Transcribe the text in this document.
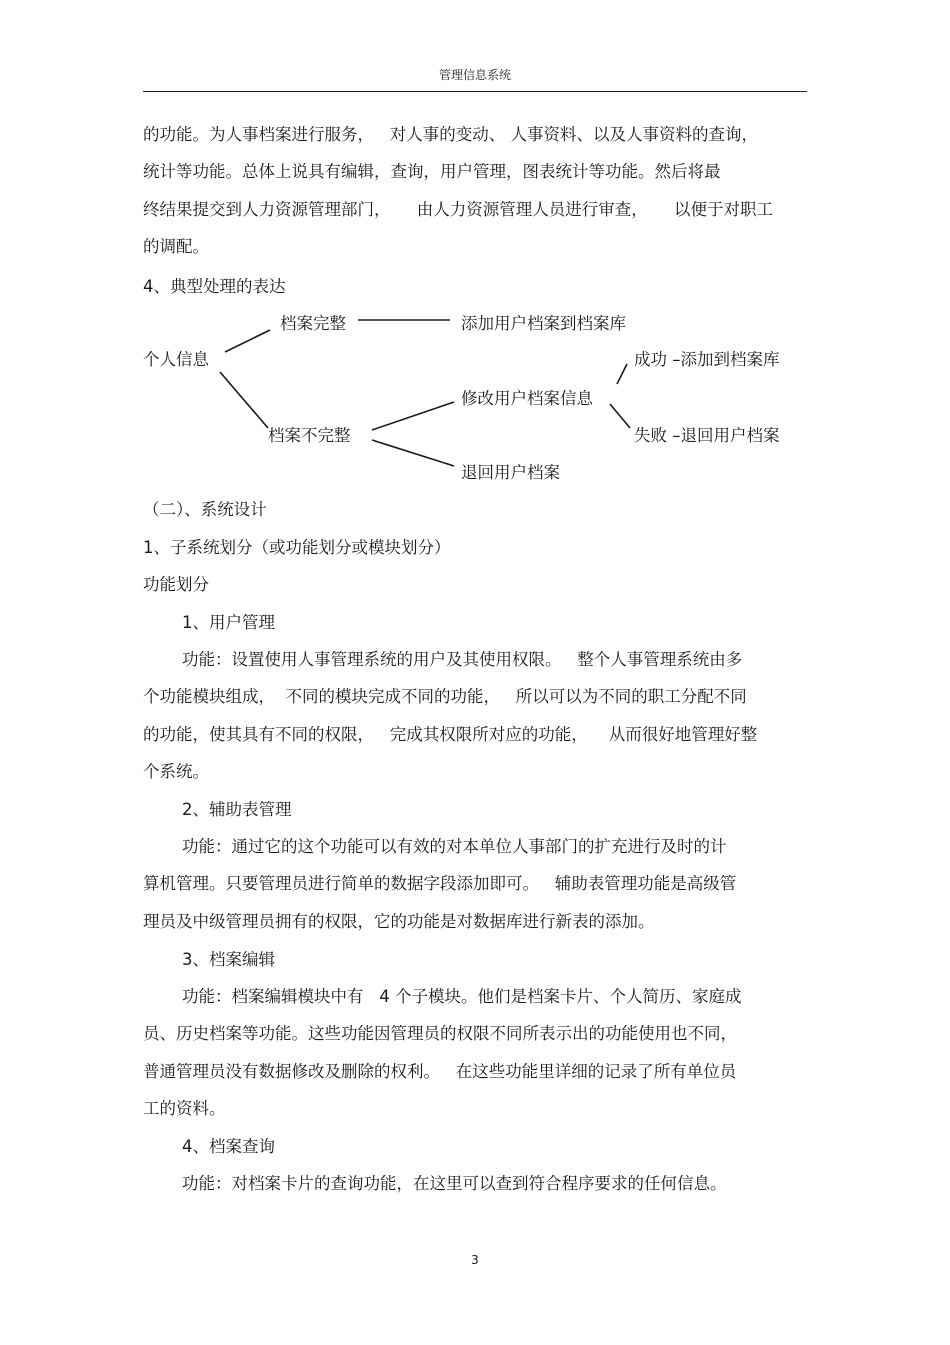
管理信息系统
的功能。为人事档案进行服务，   对人事的变动、 人事资料、以及人事资料的查询，
统计等功能。总体上说具有编辑，查询，用户管理，图表统计等功能。然后将最
终结果提交到人力资源管理部门，     由人力资源管理人员进行审查，     以便于对职工
的调配。
4、典型处理的表达
个人信息
档案完整	添加用户档案到档案库
档案不完整
修改用户档案信息
成功 –添加到档案库
失败 –退回用户档案
退回用户档案
（二）、系统设计
1、子系统划分（或功能划分或模块划分）
功能划分
1、用户管理
功能：设置使用人事管理系统的用户及其使用权限。   整个人事管理系统由多
个功能模块组成，  不同的模块完成不同的功能，   所以可以为不同的职工分配不同
的功能，使其具有不同的权限，   完成其权限所对应的功能，    从而很好地管理好整
个系统。
2、辅助表管理
功能：通过它的这个功能可以有效的对本单位人事部门的扩充进行及时的计
算机管理。只要管理员进行简单的数据字段添加即可。   辅助表管理功能是高级管
理员及中级管理员拥有的权限，它的功能是对数据库进行新表的添加。
3、档案编辑
功能：档案编辑模块中有   4 个子模块。他们是档案卡片、个人简历、家庭成
员、历史档案等功能。这些功能因管理员的权限不同所表示出的功能使用也不同，
普通管理员没有数据修改及删除的权利。   在这些功能里详细的记录了所有单位员
工的资料。
4、档案查询
功能：对档案卡片的查询功能，在这里可以查到符合程序要求的任何信息。
3
